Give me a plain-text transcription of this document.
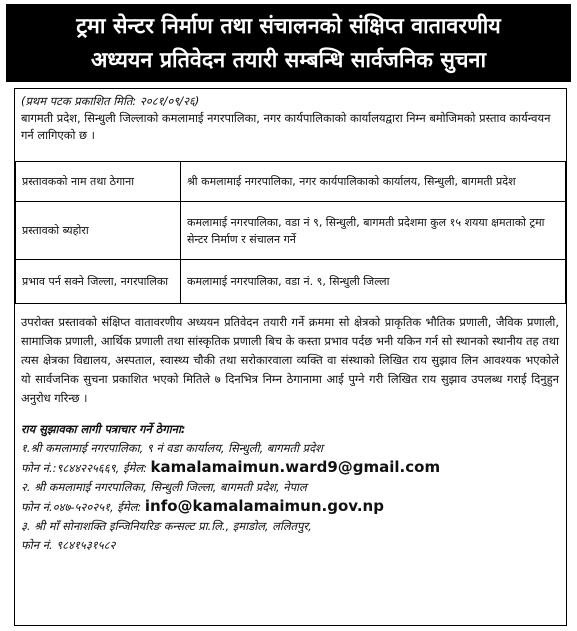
ट्रमा सेन्टर निर्माण तथा संचालनको संक्षिप्त वातावरणीय
अध्ययन प्रतिवेदन तयारी सम्बन्धि सार्वजनिक सुचना
(प्रथम पटक प्रकाशित मिति: २०८१/०९/२६)
बागमती प्रदेश, सिन्धुली जिल्लाको कमलामाई नगरपालिका, नगर कार्यपालिकाको कार्यालयद्वारा निम्न बमोजिमको प्रस्ताव कार्यन्वयन गर्न लागिएको छ ।
प्रस्तावकको नाम तथा ठेगाना	श्री कमलामाई नगरपालिका, नगर कार्यपालिकाको कार्यालय, सिन्धुली, बागमती प्रदेश
प्रस्तावको ब्यहोरा	कमलामाई नगरपालिका, वडा नं ९, सिन्धुली, बागमती प्रदेशमा कुल १५ शयया क्षमताको ट्रमा सेन्टर निर्माण र संचालन गर्ने
प्रभाव पर्न सक्ने जिल्ला, नगरपालिका	कमलामाई नगरपालिका, वडा नं. ९, सिन्धुली जिल्ला
उपरोक्त प्रस्तावको संक्षिप्त वातावरणीय अध्ययन प्रतिवेदन तयारी गर्ने क्रममा सो क्षेत्रको प्राकृतिक भौतिक प्रणाली, जैविक प्रणाली, सामाजिक प्रणाली, आर्थिक प्रणाली तथा सांस्कृतिक प्रणाली बिच के कस्ता प्रभाव पर्दछ भनी यकिन गर्न सो स्थानको स्थानीय तह तथा त्यस क्षेत्रका विद्यालय, अस्पताल, स्वास्थ्य चौकी तथा सरोकारवाला व्यक्ति वा संस्थाको लिखित राय सुझाव लिन आवश्यक भएकोले यो सार्वजनिक सुचना प्रकाशित भएको मितिले ७ दिनभित्र निम्न ठेगानामा आई पुग्ने गरी लिखित राय सुझाव उपलब्ध गराई दिनुहुन अनुरोध गरिन्छ ।
राय सुझावका लागी पत्राचार गर्ने ठेगाना:
१.श्री कमलामाई नगरपालिका, ९ नं वडा कार्यालय, सिन्धुली, बागमती प्रदेश
फोन नं.:९८४४२२५६६९, ईमेल: kamalamaimun.ward9@gmail.com
२. श्री कमलामाई नगरपालिका, सिन्धुली जिल्ला, बागमती प्रदेश, नेपाल
फोन नं.०४७-५२०२५१, ईमेल: info@kamalamaimun.gov.np
३. श्री माँ सोनाशक्ति इन्जिनियरिङ कन्सल्ट प्रा.लि., इमाडोल, ललितपुर,
फोन नं. ९८४१५३१५८२
